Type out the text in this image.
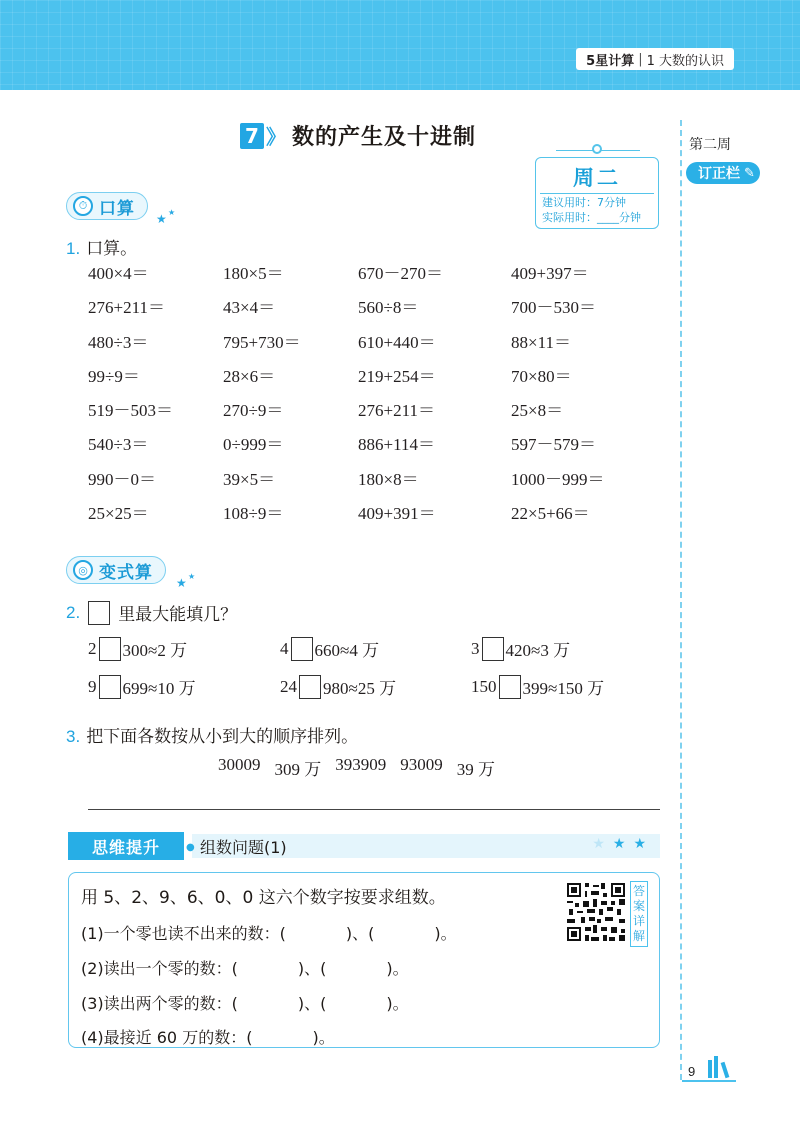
5星计算 | 1 大数的认识
7 》 数的产生及十进制
周二
建议用时：7分钟
实际用时：____分钟
第二周
订正栏 ✎
⏱ 口算
★ ★
1. 口算。
400×4＝	180×5＝	670－270＝	409+397＝
276+211＝	43×4＝	560÷8＝	700－530＝
480÷3＝	795+730＝	610+440＝	88×11＝
99÷9＝	28×6＝	219+254＝	70×80＝
519－503＝	270÷9＝	276+211＝	25×8＝
540÷3＝	0÷999＝	886+114＝	597－579＝
990－0＝	39×5＝	180×8＝	1000－999＝
25×25＝	108÷9＝	409+391＝	22×5+66＝
◎ 变式算
★ ★
2. 里最大能填几？
2 300≈2 万	4 660≈4 万	3 420≈3 万
9 699≈10 万	24 980≈25 万	150 399≈150 万
3. 把下面各数按从小到大的顺序排列。
30009 309 万 393909 93009 39 万
思维提升	● 组数问题(1)	★★★
用 5、2、9、6、0、0 这六个数字按要求组数。
(1)一个零也读不出来的数：(	)、(	)。
(2)读出一个零的数：(	)、(	)。
(3)读出两个零的数：(	)、(	)。
(4)最接近 60 万的数：(	)。
答案详解
9
